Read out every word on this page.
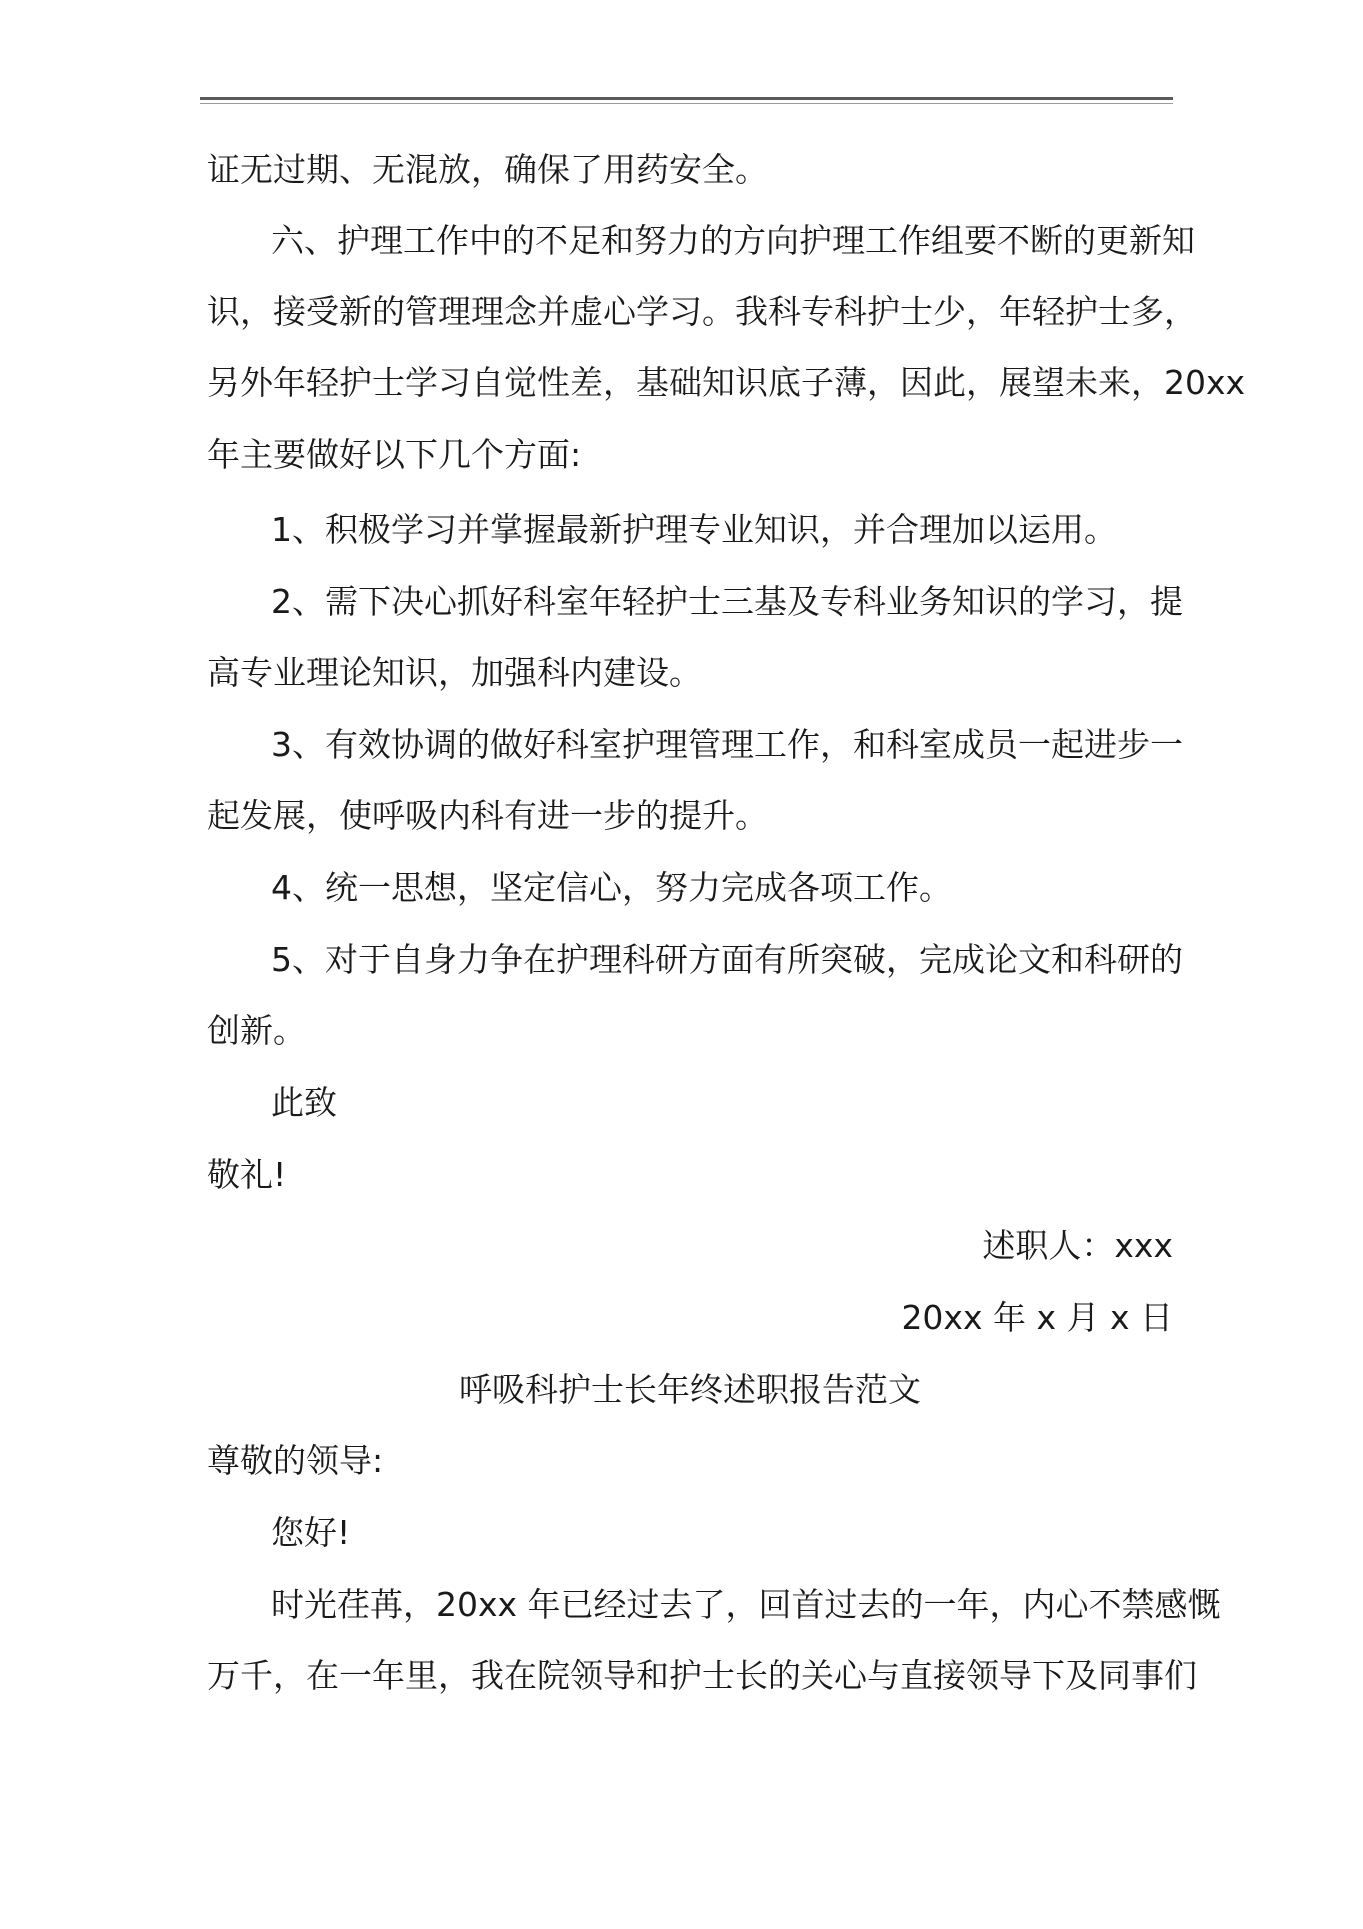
证无过期、无混放，确保了用药安全。
六、护理工作中的不足和努力的方向护理工作组要不断的更新知
识，接受新的管理理念并虚心学习。我科专科护士少，年轻护士多，
另外年轻护士学习自觉性差，基础知识底子薄，因此，展望未来，20xx
年主要做好以下几个方面:
1、积极学习并掌握最新护理专业知识，并合理加以运用。
2、需下决心抓好科室年轻护士三基及专科业务知识的学习，提
高专业理论知识，加强科内建设。
3、有效协调的做好科室护理管理工作，和科室成员一起进步一
起发展，使呼吸内科有进一步的提升。
4、统一思想，坚定信心，努力完成各项工作。
5、对于自身力争在护理科研方面有所突破，完成论文和科研的
创新。
此致
敬礼!
述职人：xxx
20xx 年 x 月 x 日
呼吸科护士长年终述职报告范文
尊敬的领导:
您好!
时光荏苒，20xx 年已经过去了，回首过去的一年，内心不禁感慨
万千，在一年里，我在院领导和护士长的关心与直接领导下及同事们
